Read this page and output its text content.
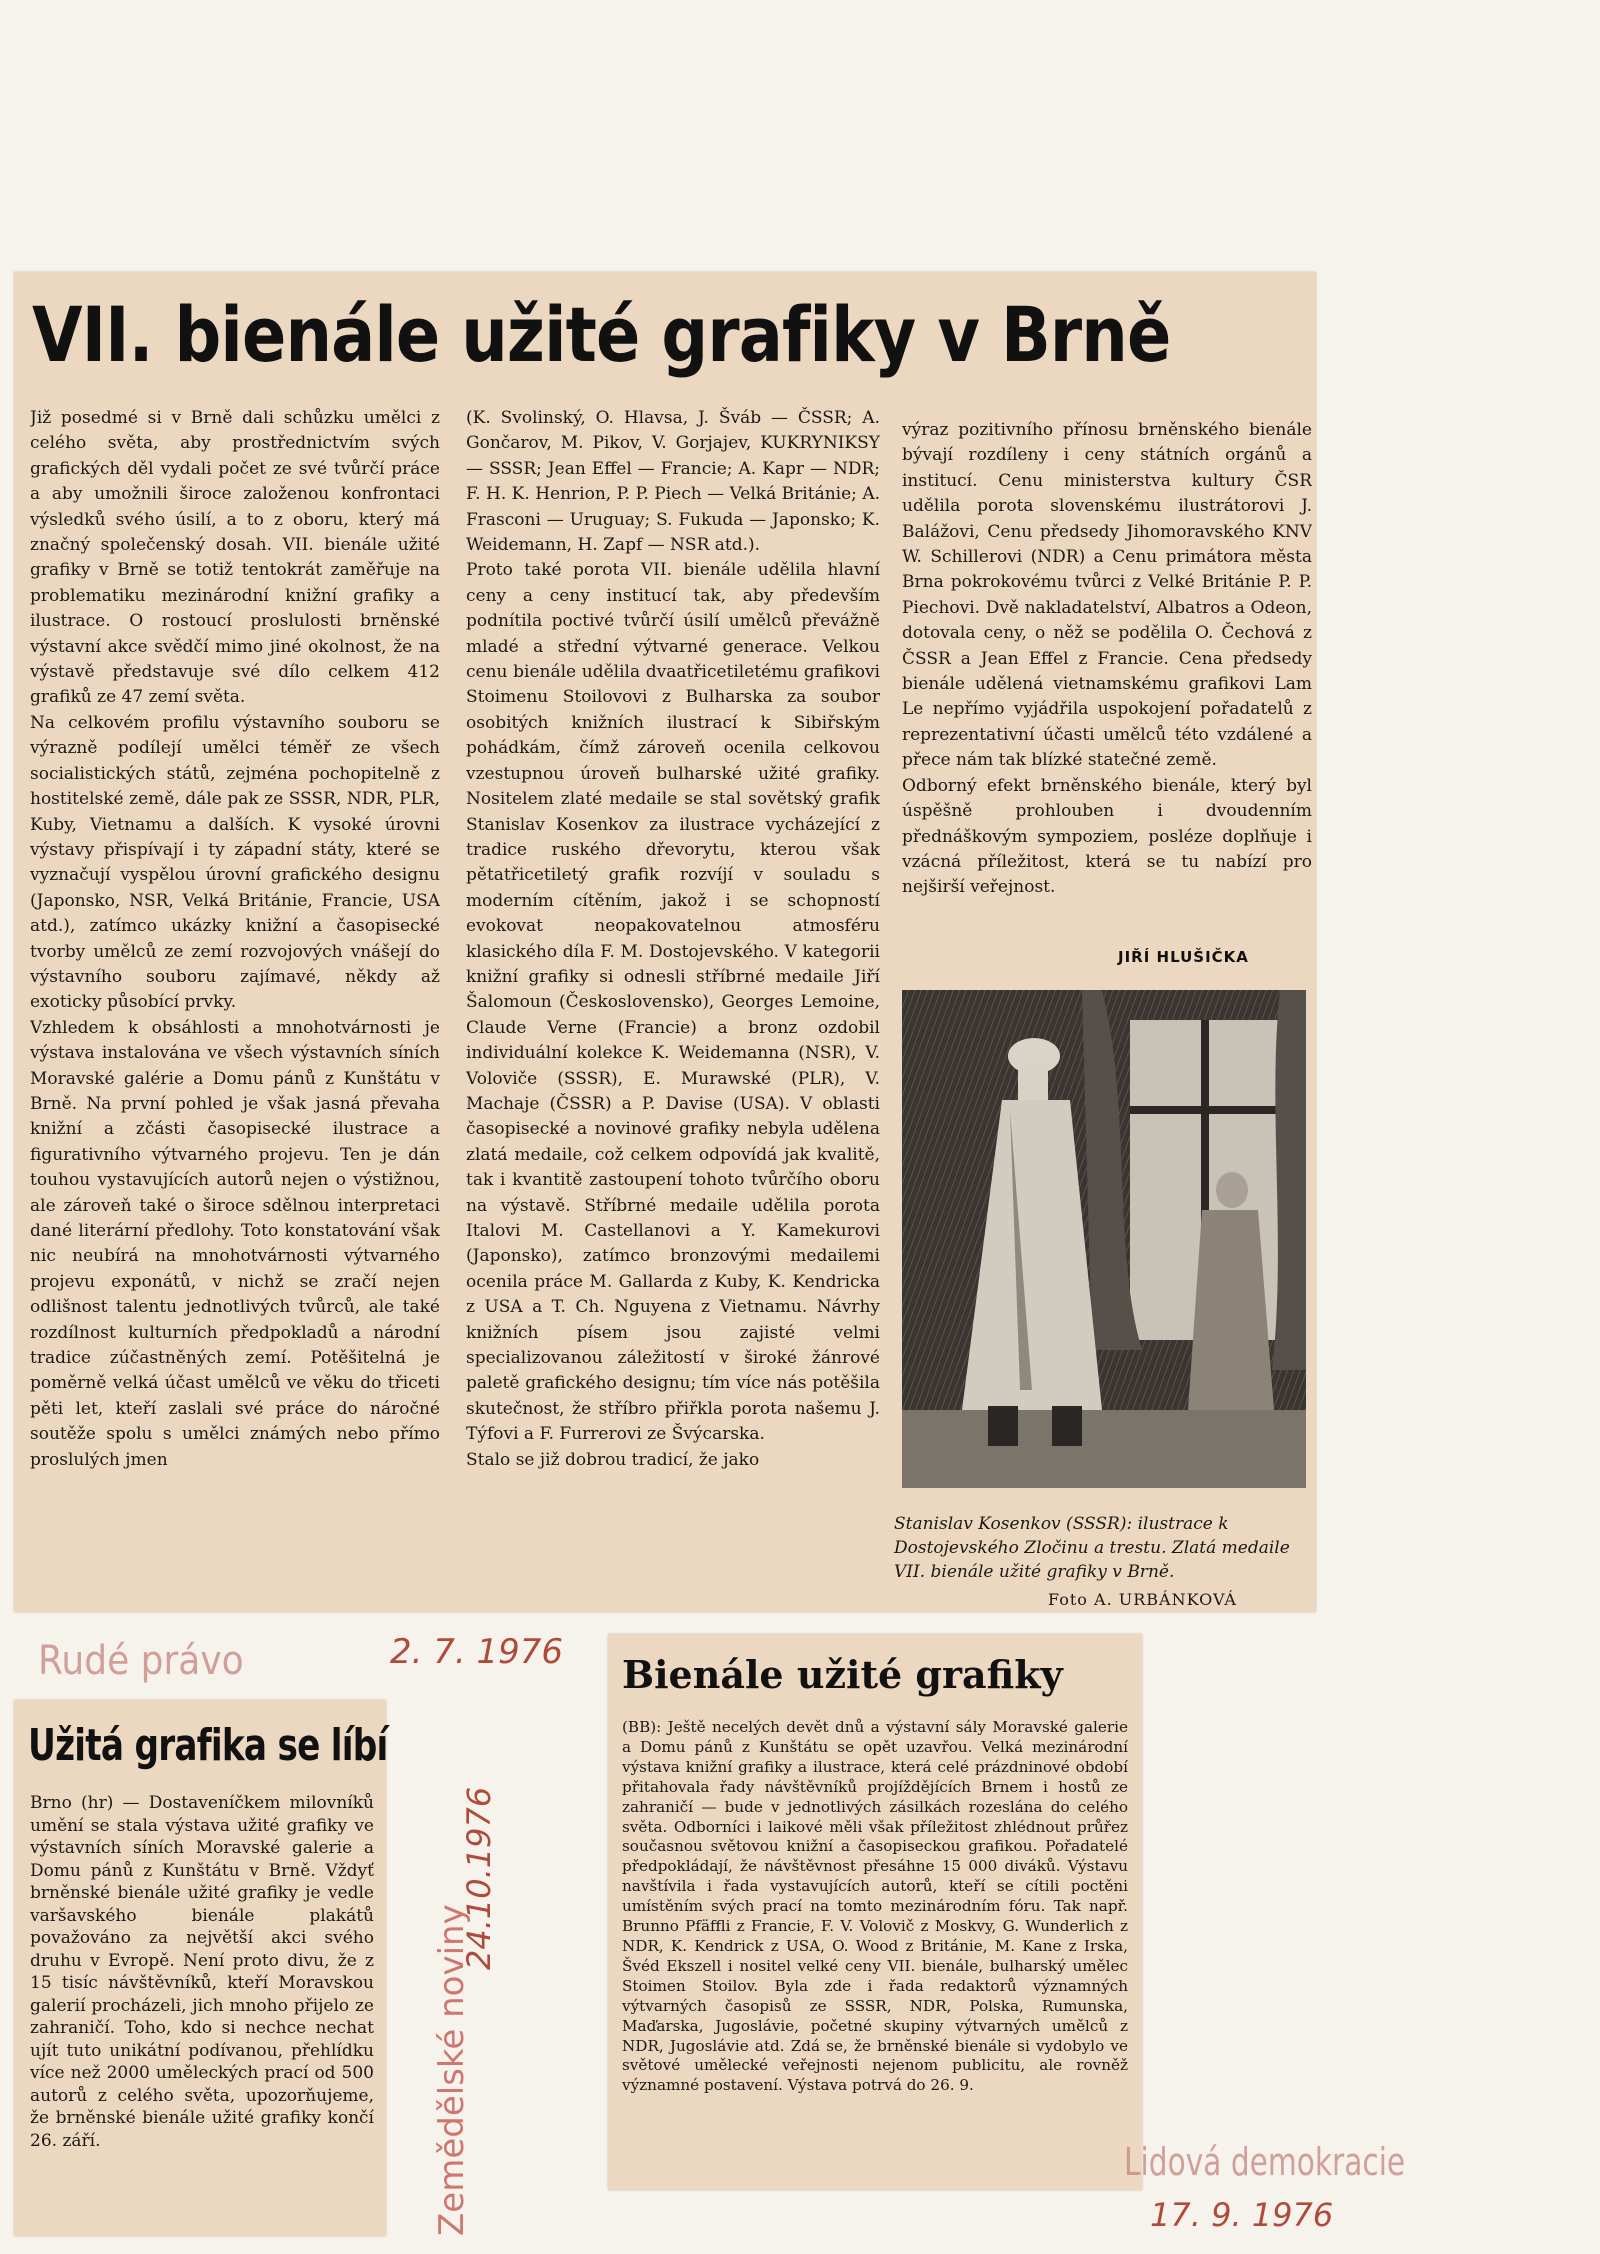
VII. bienále užité grafiky v Brně
Již posedmé si v Brně dali schůzku umělci z celého světa, aby prostřednictvím svých grafických děl vydali počet ze své tvůrčí práce a aby umožnili široce založenou konfrontaci výsledků svého úsilí, a to z oboru, který má značný společenský dosah. VII. bienále užité grafiky v Brně se totiž tentokrát zaměřuje na problematiku mezinárodní knižní grafiky a ilustrace. O rostoucí proslulosti brněnské výstavní akce svědčí mimo jiné okolnost, že na výstavě představuje své dílo celkem 412 grafiků ze 47 zemí světa.
Na celkovém profilu výstavního souboru se výrazně podílejí umělci téměř ze všech socialistických států, zejména pochopitelně z hostitelské země, dále pak ze SSSR, NDR, PLR, Kuby, Vietnamu a dalších. K vysoké úrovni výstavy přispívají i ty západní státy, které se vyznačují vyspělou úrovní grafického designu (Japonsko, NSR, Velká Británie, Francie, USA atd.), zatímco ukázky knižní a časopisecké tvorby umělců ze zemí rozvojových vnášejí do výstavního souboru zajímavé, někdy až exoticky působící prvky.
Vzhledem k obsáhlosti a mnohotvárnosti je výstava instalována ve všech výstavních síních Moravské galérie a Domu pánů z Kunštátu v Brně. Na první pohled je však jasná převaha knižní a zčásti časopisecké ilustrace a figurativního výtvarného projevu. Ten je dán touhou vystavujících autorů nejen o výstižnou, ale zároveň také o široce sdělnou interpretaci dané literární předlohy. Toto konstatování však nic neubírá na mnohotvárnosti výtvarného projevu exponátů, v nichž se zračí nejen odlišnost talentu jednotlivých tvůrců, ale také rozdílnost kulturních předpokladů a národní tradice zúčastněných zemí. Potěšitelná je poměrně velká účast umělců ve věku do třiceti pěti let, kteří zaslali své práce do náročné soutěže spolu s umělci známých nebo přímo proslulých jmen
(K. Svolinský, O. Hlavsa, J. Šváb — ČSSR; A. Gončarov, M. Pikov, V. Gorjajev, KUKRYNIKSY — SSSR; Jean Effel — Francie; A. Kapr — NDR; F. H. K. Henrion, P. P. Piech — Velká Británie; A. Frasconi — Uruguay; S. Fukuda — Japonsko; K. Weidemann, H. Zapf — NSR atd.).
Proto také porota VII. bienále udělila hlavní ceny a ceny institucí tak, aby především podnítila poctivé tvůrčí úsilí umělců převážně mladé a střední výtvarné generace. Velkou cenu bienále udělila dvaatřicetiletému grafikovi Stoimenu Stoilovovi z Bulharska za soubor osobitých knižních ilustrací k Sibiřským pohádkám, čímž zároveň ocenila celkovou vzestupnou úroveň bulharské užité grafiky. Nositelem zlaté medaile se stal sovětský grafik Stanislav Kosenkov za ilustrace vycházející z tradice ruského dřevorytu, kterou však pětatřicetiletý grafik rozvíjí v souladu s moderním cítěním, jakož i se schopností evokovat neopakovatelnou atmosféru klasického díla F. M. Dostojevského. V kategorii knižní grafiky si odnesli stříbrné medaile Jiří Šalomoun (Československo), Georges Lemoine, Claude Verne (Francie) a bronz ozdobil individuální kolekce K. Weidemanna (NSR), V. Voloviče (SSSR), E. Murawské (PLR), V. Machaje (ČSSR) a P. Davise (USA). V oblasti časopisecké a novinové grafiky nebyla udělena zlatá medaile, což celkem odpovídá jak kvalitě, tak i kvantitě zastoupení tohoto tvůrčího oboru na výstavě. Stříbrné medaile udělila porota Italovi M. Castellanovi a Y. Kamekurovi (Japonsko), zatímco bronzovými medailemi ocenila práce M. Gallarda z Kuby, K. Kendricka z USA a T. Ch. Nguyena z Vietnamu. Návrhy knižních písem jsou zajisté velmi specializovanou záležitostí v široké žánrové paletě grafického designu; tím více nás potěšila skutečnost, že stříbro přiřkla porota našemu J. Týfovi a F. Furrerovi ze Švýcarska.
Stalo se již dobrou tradicí, že jako
výraz pozitivního přínosu brněnského bienále bývají rozdíleny i ceny státních orgánů a institucí. Cenu ministerstva kultury ČSR udělila porota slovenskému ilustrátorovi J. Balážovi, Cenu předsedy Jihomoravského KNV W. Schillerovi (NDR) a Cenu primátora města Brna pokrokovému tvůrci z Velké Británie P. P. Piechovi. Dvě nakladatelství, Albatros a Odeon, dotovala ceny, o něž se podělila O. Čechová z ČSSR a Jean Effel z Francie. Cena předsedy bienále udělená vietnamskému grafikovi Lam Le nepřímo vyjádřila uspokojení pořadatelů z reprezentativní účasti umělců této vzdálené a přece nám tak blízké statečné země.
Odborný efekt brněnského bienále, který byl úspěšně prohlouben i dvoudenním přednáškovým sympoziem, posléze doplňuje i vzácná příležitost, která se tu nabízí pro nejširší veřejnost.
JIŘÍ HLUŠIČKA
Stanislav Kosenkov (SSSR): ilustrace k Dostojevského Zločinu a trestu. Zlatá medaile VII. bienále užité grafiky v Brně.
Foto A. URBÁNKOVÁ
Rudé právo	2. 7. 1976
Užitá grafika se líbí
Brno (hr) — Dostaveníčkem milovníků umění se stala výstava užité grafiky ve výstavních síních Moravské galerie a Domu pánů z Kunštátu v Brně. Vždyť brněnské bienále užité grafiky je vedle varšavského bienále plakátů považováno za největší akci svého druhu v Evropě. Není proto divu, že z 15 tisíc návštěvníků, kteří Moravskou galerií procházeli, jich mnoho přijelo ze zahraničí. Toho, kdo si nechce nechat ujít tuto unikátní podívanou, přehlídku více než 2000 uměleckých prací od 500 autorů z celého světa, upozorňujeme, že brněnské bienále užité grafiky končí 26. září.	Zemědělské noviny
24.10.1976
Bienále užité grafiky
(BB): Ještě necelých devět dnů a výstavní sály Moravské galerie a Domu pánů z Kunštátu se opět uzavřou. Velká mezinárodní výstava knižní grafiky a ilustrace, která celé prázdninové období přitahovala řady návštěvníků projíždějících Brnem i hostů ze zahraničí — bude v jednotlivých zásilkách rozeslána do celého světa. Odborníci i laikové měli však příležitost zhlédnout průřez současnou světovou knižní a časopiseckou grafikou. Pořadatelé předpokládají, že návštěvnost přesáhne 15 000 diváků. Výstavu navštívila i řada vystavujících autorů, kteří se cítili poctěni umístěním svých prací na tomto mezinárodním fóru. Tak např. Brunno Pfäffli z Francie, F. V. Volovič z Moskvy, G. Wunderlich z NDR, K. Kendrick z USA, O. Wood z Británie, M. Kane z Irska, Švéd Ekszell i nositel velké ceny VII. bienále, bulharský umělec Stoimen Stoilov. Byla zde i řada redaktorů významných výtvarných časopisů ze SSSR, NDR, Polska, Rumunska, Maďarska, Jugoslávie, početné skupiny výtvarných umělců z NDR, Jugoslávie atd. Zdá se, že brněnské bienále si vydobylo ve světové umělecké veřejnosti nejenom publicitu, ale rovněž významné postavení. Výstava potrvá do 26. 9.
Lidová demokracie
17. 9. 1976
